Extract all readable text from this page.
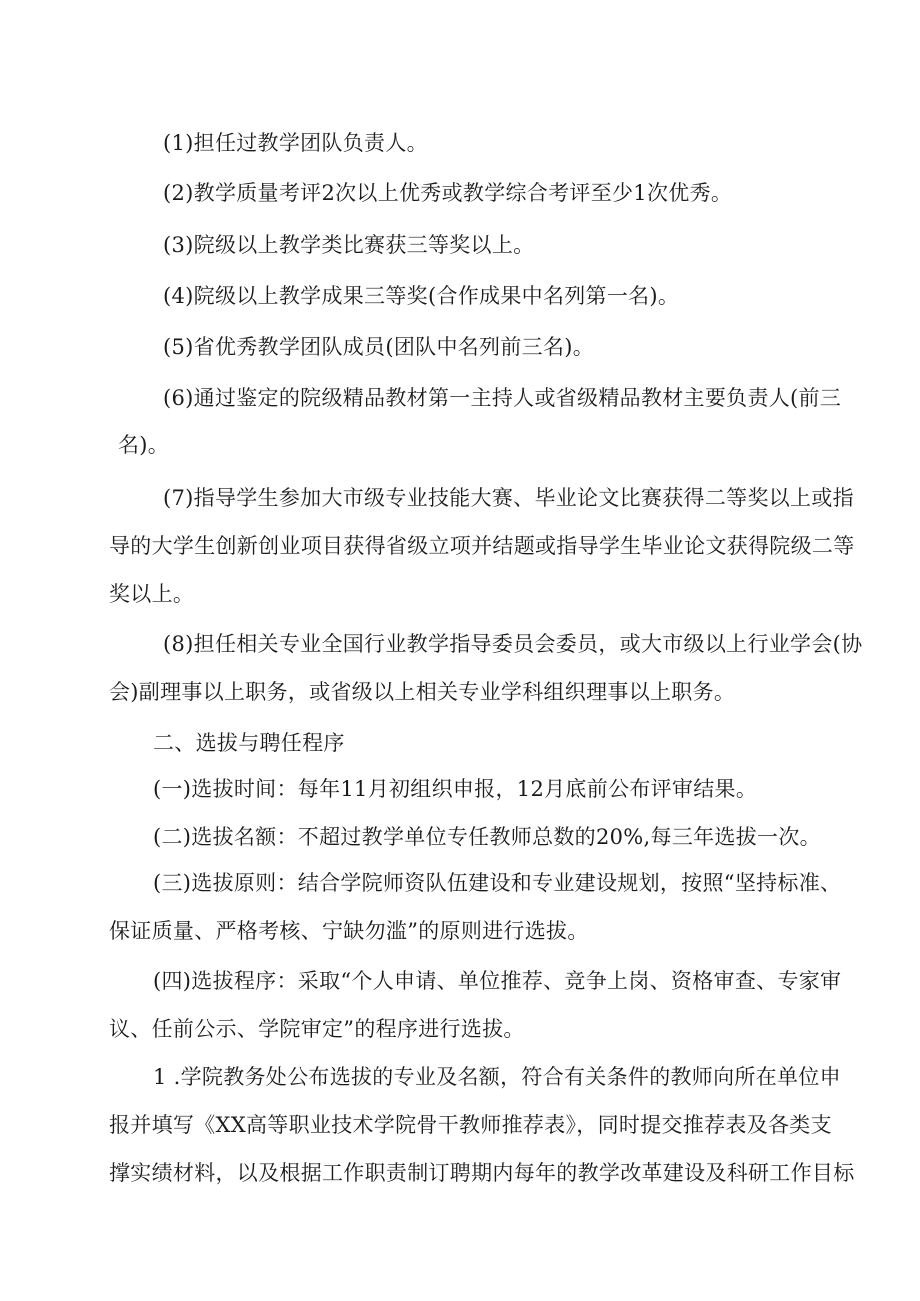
(1)担任过教学团队负责人。
(2)教学质量考评2次以上优秀或教学综合考评至少1次优秀。
(3)院级以上教学类比赛获三等奖以上。
(4)院级以上教学成果三等奖(合作成果中名列第一名)。
(5)省优秀教学团队成员(团队中名列前三名)。
(6)通过鉴定的院级精品教材第一主持人或省级精品教材主要负责人(前三
名)。
(7)指导学生参加大市级专业技能大赛、毕业论文比赛获得二等奖以上或指
导的大学生创新创业项目获得省级立项并结题或指导学生毕业论文获得院级二等
奖以上。
(8)担任相关专业全国行业教学指导委员会委员，或大市级以上行业学会(协
会)副理事以上职务，或省级以上相关专业学科组织理事以上职务。
二、选拔与聘任程序
(一)选拔时间：每年11月初组织申报，12月底前公布评审结果。
(二)选拔名额：不超过教学单位专任教师总数的20%,每三年选拔一次。
(三)选拔原则：结合学院师资队伍建设和专业建设规划，按照“坚持标准、
保证质量、严格考核、宁缺勿滥”的原则进行选拔。
(四)选拔程序：采取“个人申请、单位推荐、竞争上岗、资格审查、专家审
议、任前公示、学院审定”的程序进行选拔。
1 .学院教务处公布选拔的专业及名额，符合有关条件的教师向所在单位申
报并填写《XX高等职业技术学院骨干教师推荐表》，同时提交推荐表及各类支
撑实绩材料，以及根据工作职责制订聘期内每年的教学改革建设及科研工作目标
